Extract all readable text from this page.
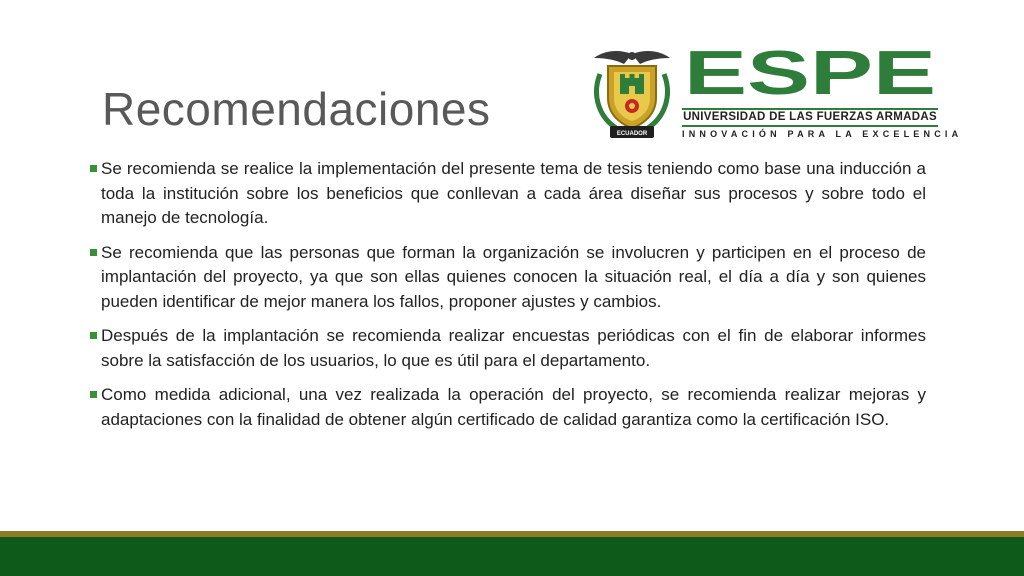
Recomendaciones	ECUADOR
ESPE
UNIVERSIDAD DE LAS FUERZAS ARMADAS
INNOVACIÓN PARA LA EXCELENCIA
Se recomienda se realice la implementación del presente tema de tesis teniendo como base una inducción a toda la institución sobre los beneficios que conllevan a cada área diseñar sus procesos y sobre todo el manejo de tecnología.
Se recomienda que las personas que forman la organización se involucren y participen en el proceso de implantación del proyecto, ya que son ellas quienes conocen la situación real, el día a día y son quienes pueden identificar de mejor manera los fallos, proponer ajustes y cambios.
Después de la implantación se recomienda realizar encuestas periódicas con el fin de elaborar informes sobre la satisfacción de los usuarios, lo que es útil para el departamento.
Como medida adicional, una vez realizada la operación del proyecto, se recomienda realizar mejoras y adaptaciones con la finalidad de obtener algún certificado de calidad garantiza como la certificación ISO.
